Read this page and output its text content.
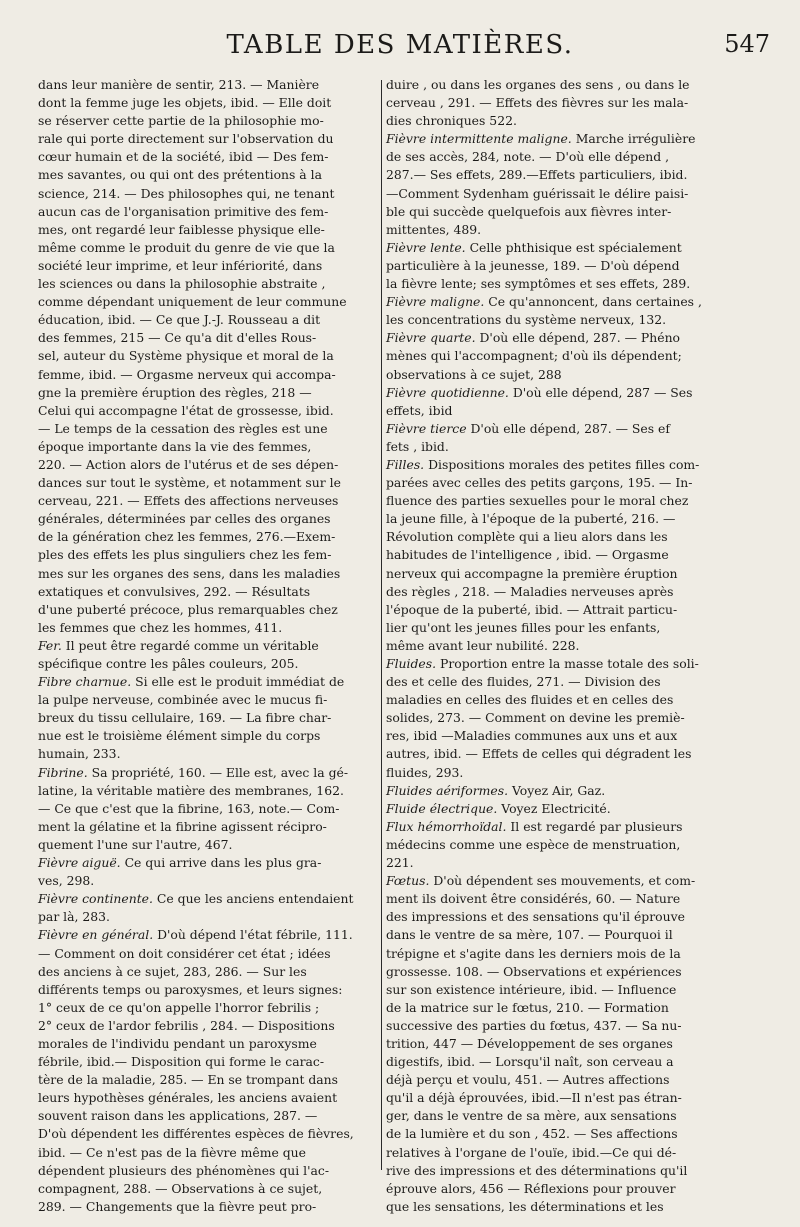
TABLE DES MATIÈRES.	547
dans leur manière de sentir, 213. — Manière
dont la femme juge les objets, ibid. — Elle doit
se réserver cette partie de la philosophie mo-
rale qui porte directement sur l'observation du
cœur humain et de la société, ibid — Des fem-
mes savantes, ou qui ont des prétentions à la
science, 214. — Des philosophes qui, ne tenant
aucun cas de l'organisation primitive des fem-
mes, ont regardé leur faiblesse physique elle-
même comme le produit du genre de vie que la
société leur imprime, et leur infériorité, dans
les sciences ou dans la philosophie abstraite ,
comme dépendant uniquement de leur commune
éducation, ibid. — Ce que J.-J. Rousseau a dit
des femmes, 215 — Ce qu'a dit d'elles Rous-
sel, auteur du Système physique et moral de la
femme, ibid. — Orgasme nerveux qui accompa-
gne la première éruption des règles, 218 —
Celui qui accompagne l'état de grossesse, ibid.
— Le temps de la cessation des règles est une
époque importante dans la vie des femmes,
220. — Action alors de l'utérus et de ses dépen-
dances sur tout le système, et notamment sur le
cerveau, 221. — Effets des affections nerveuses
générales, déterminées par celles des organes
de la génération chez les femmes, 276.—Exem-
ples des effets les plus singuliers chez les fem-
mes sur les organes des sens, dans les maladies
extatiques et convulsives, 292. — Résultats
d'une puberté précoce, plus remarquables chez
les femmes que chez les hommes, 411.
Fer. Il peut être regardé comme un véritable
spécifique contre les pâles couleurs, 205.
Fibre charnue. Si elle est le produit immédiat de
la pulpe nerveuse, combinée avec le mucus fi-
breux du tissu cellulaire, 169. — La fibre char-
nue est le troisième élément simple du corps
humain, 233.
Fibrine. Sa propriété, 160. — Elle est, avec la gé-
latine, la véritable matière des membranes, 162.
— Ce que c'est que la fibrine, 163, note.— Com-
ment la gélatine et la fibrine agissent récipro-
quement l'une sur l'autre, 467.
Fièvre aiguë. Ce qui arrive dans les plus gra-
ves, 298.
Fièvre continente. Ce que les anciens entendaient
par là, 283.
Fièvre en général. D'où dépend l'état fébrile, 111.
— Comment on doit considérer cet état ; idées
des anciens à ce sujet, 283, 286. — Sur les
différents temps ou paroxysmes, et leurs signes:
1° ceux de ce qu'on appelle l'horror febrilis ;
2° ceux de l'ardor febrilis , 284. — Dispositions
morales de l'individu pendant un paroxysme
fébrile, ibid.— Disposition qui forme le carac-
tère de la maladie, 285. — En se trompant dans
leurs hypothèses générales, les anciens avaient
souvent raison dans les applications, 287. —
D'où dépendent les différentes espèces de fièvres,
ibid. — Ce n'est pas de la fièvre même que
dépendent plusieurs des phénomènes qui l'ac-
compagnent, 288. — Observations à ce sujet,
289. — Changements que la fièvre peut pro-
duire , ou dans les organes des sens , ou dans le
cerveau , 291. — Effets des fièvres sur les mala-
dies chroniques 522.
Fièvre intermittente maligne. Marche irrégulière
de ses accès, 284, note. — D'où elle dépend ,
287.— Ses effets, 289.—Effets particuliers, ibid.
—Comment Sydenham guérissait le délire paisi-
ble qui succède quelquefois aux fièvres inter-
mittentes, 489.
Fièvre lente. Celle phthisique est spécialement
particulière à la jeunesse, 189. — D'où dépend
la fièvre lente; ses symptômes et ses effets, 289.
Fièvre maligne. Ce qu'annoncent, dans certaines ,
les concentrations du système nerveux, 132.
Fièvre quarte. D'où elle dépend, 287. — Phéno
mènes qui l'accompagnent; d'où ils dépendent;
observations à ce sujet, 288
Fièvre quotidienne. D'où elle dépend, 287 — Ses
effets, ibid
Fièvre tierce D'où elle dépend, 287. — Ses ef
fets , ibid.
Filles. Dispositions morales des petites filles com-
parées avec celles des petits garçons, 195. — In-
fluence des parties sexuelles pour le moral chez
la jeune fille, à l'époque de la puberté, 216. —
Révolution complète qui a lieu alors dans les
habitudes de l'intelligence , ibid. — Orgasme
nerveux qui accompagne la première éruption
des règles , 218. — Maladies nerveuses après
l'époque de la puberté, ibid. — Attrait particu-
lier qu'ont les jeunes filles pour les enfants,
même avant leur nubilité. 228.
Fluides. Proportion entre la masse totale des soli-
des et celle des fluides, 271. — Division des
maladies en celles des fluides et en celles des
solides, 273. — Comment on devine les premiè-
res, ibid —Maladies communes aux uns et aux
autres, ibid. — Effets de celles qui dégradent les
fluides, 293.
Fluides aériformes. Voyez Air, Gaz.
Fluide électrique. Voyez Electricité.
Flux hémorrhoïdal. Il est regardé par plusieurs
médecins comme une espèce de menstruation,
221.
Fœtus. D'où dépendent ses mouvements, et com-
ment ils doivent être considérés, 60. — Nature
des impressions et des sensations qu'il éprouve
dans le ventre de sa mère, 107. — Pourquoi il
trépigne et s'agite dans les derniers mois de la
grossesse. 108. — Observations et expériences
sur son existence intérieure, ibid. — Influence
de la matrice sur le fœtus, 210. — Formation
successive des parties du fœtus, 437. — Sa nu-
trition, 447 — Développement de ses organes
digestifs, ibid. — Lorsqu'il naît, son cerveau a
déjà perçu et voulu, 451. — Autres affections
qu'il a déjà éprouvées, ibid.—Il n'est pas étran-
ger, dans le ventre de sa mère, aux sensations
de la lumière et du son , 452. — Ses affections
relatives à l'organe de l'ouïe, ibid.—Ce qui dé-
rive des impressions et des déterminations qu'il
éprouve alors, 456 — Réflexions pour prouver
que les sensations, les déterminations et les
